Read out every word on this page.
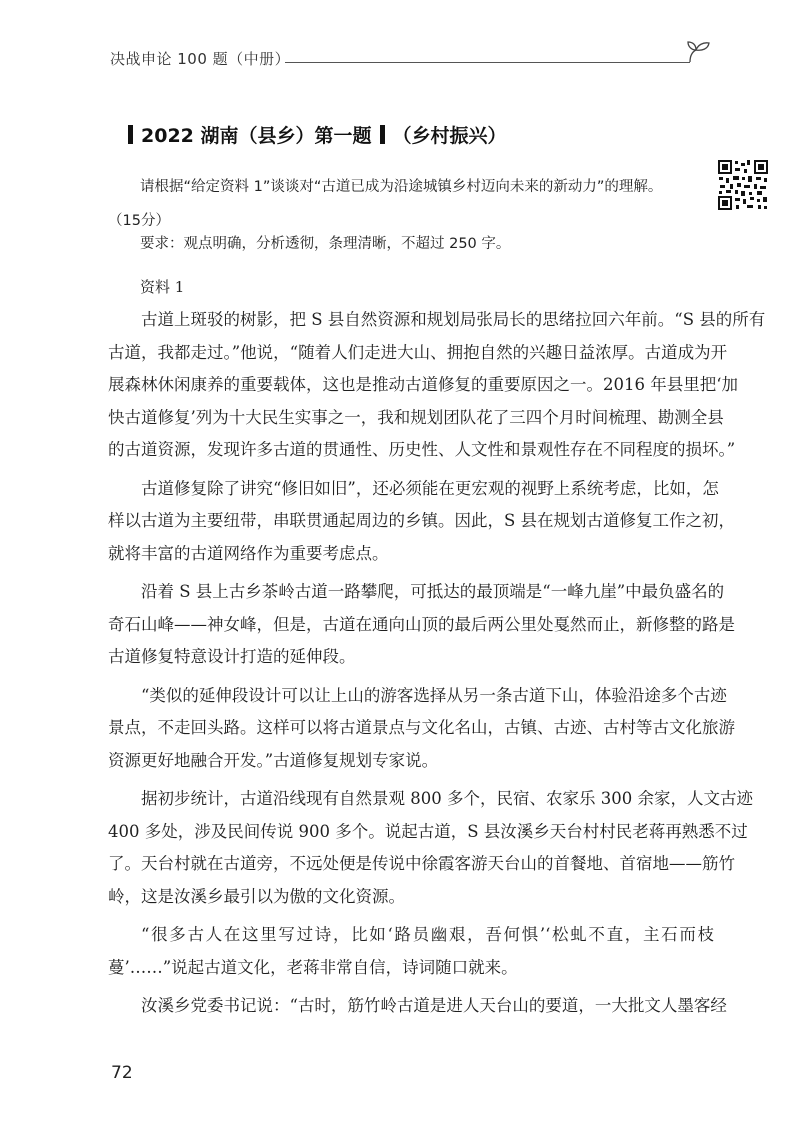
决战申论 100 题（中册）
2022 湖南（县乡）第一题 （乡村振兴）
请根据“给定资料 1”谈谈对“古道已成为沿途城镇乡村迈向未来的新动力”的理解。
（15分）
要求：观点明确，分析透彻，条理清晰，不超过 250 字。
资料 1
古道上斑驳的树影，把 S 县自然资源和规划局张局长的思绪拉回六年前。“S 县的所有
古道，我都走过。”他说，“随着人们走进大山、拥抱自然的兴趣日益浓厚。古道成为开
展森林休闲康养的重要载体，这也是推动古道修复的重要原因之一。2016 年县里把‘加
快古道修复’列为十大民生实事之一，我和规划团队花了三四个月时间梳理、勘测全县
的古道资源，发现许多古道的贯通性、历史性、人文性和景观性存在不同程度的损坏。”
古道修复除了讲究“修旧如旧”，还必须能在更宏观的视野上系统考虑，比如，怎
样以古道为主要纽带，串联贯通起周边的乡镇。因此，S 县在规划古道修复工作之初，
就将丰富的古道网络作为重要考虑点。
沿着 S 县上古乡茶岭古道一路攀爬，可抵达的最顶端是“一峰九崖”中最负盛名的
奇石山峰——神女峰，但是，古道在通向山顶的最后两公里处戛然而止，新修整的路是
古道修复特意设计打造的延伸段。
“类似的延伸段设计可以让上山的游客选择从另一条古道下山，体验沿途多个古迹
景点，不走回头路。这样可以将古道景点与文化名山，古镇、古迹、古村等古文化旅游
资源更好地融合开发。”古道修复规划专家说。
据初步统计，古道沿线现有自然景观 800 多个，民宿、农家乐 300 余家，人文古迹
400 多处，涉及民间传说 900 多个。说起古道，S 县汝溪乡天台村村民老蒋再熟悉不过
了。天台村就在古道旁，不远处便是传说中徐霞客游天台山的首餐地、首宿地——筋竹
岭，这是汝溪乡最引以为傲的文化资源。
“很多古人在这里写过诗，比如‘路员幽艰，吾何惧’‘松虬不直，主石而枝
蔓’……”说起古道文化，老蒋非常自信，诗词随口就来。
汝溪乡党委书记说：“古时，筋竹岭古道是进人天台山的要道，一大批文人墨客经
72
